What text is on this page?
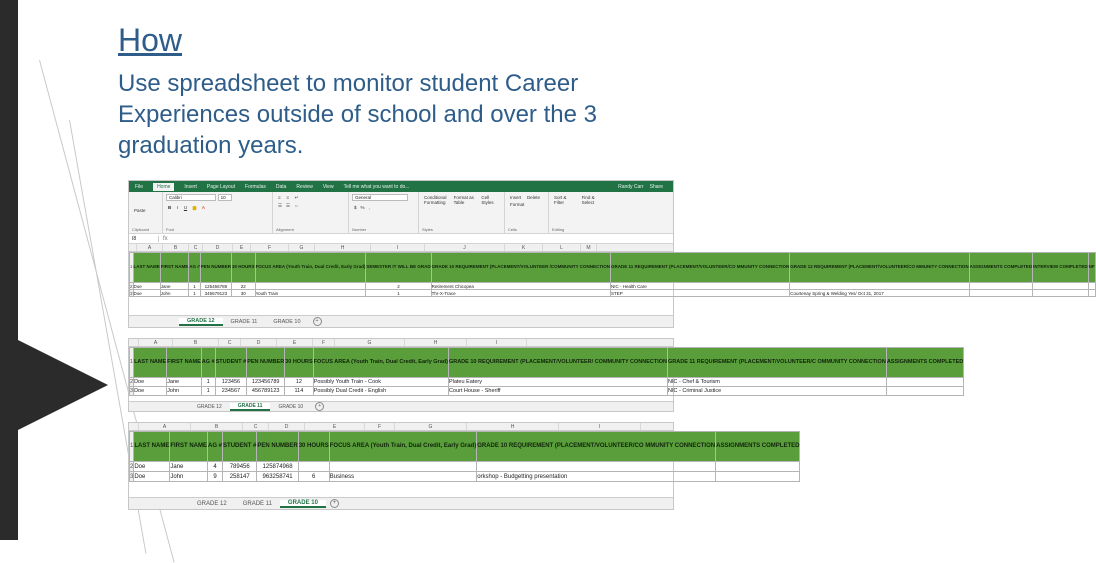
How
Use spreadsheet to monitor student Career Experiences outside of school and over the 3 graduation years.
File	Home	Insert Page Layout Formulas Data Review View Tell me what you want to do...	Randy Carr Share
Paste
Clipboard
Calibri	10
B I U ▆ A
Font
≡ ≡ ↵
☰ ☰ ⇔
Alignment
General
$ % ,
Number
Conditional Formatting Format as Table Cell Styles
Styles
Insert Delete Format
Cells
Sort & Filter Find & Select
Editing
I8	fx
A	B	C	D	E	F	G	H	I	J	K	L	M
1	LAST NAME	FIRST NAME	AG #	PEN NUMBER	30 HOURS	FOCUS AREA (Youth Train, Dual Credit, Early Grad)	SEMESTER IT WILL BE GRAD	GRADE 10 REQUIREMENT (PLACEMENT/VOLUNTEER /COMMUNITY CONNECTION	GRADE 11 REQUIREMENT (PLACEMENT/VOLUNTEER/CO MMUNITY CONNECTION	GRADE 12 REQUIREMENT (PLACEMENT/VOLUNTEER/CO MMUNITY CONNECTION	ASSIGNMENTS COMPLETED	INTERVIEW COMPLETED	NF
2	Doe	Jane	1	125456789	22		2	Retirement Chicopea	NIC - Health Care				
3	Doe	John	1	345679123	30	Youth Train	1	Thr-X-Trace	STEP	Courtenay Spring & Welding Yes/ Oct 31, 2017			
GRADE 12	GRADE 11	GRADE 10	+
A	B	C	D	E	F	G	H	I
1	LAST NAME	FIRST NAME	AG #	STUDENT #	PEN NUMBER	30 HOURS	FOCUS AREA (Youth Train, Dual Credit, Early Grad)	GRADE 10 REQUIREMENT (PLACEMENT/VOLUNTEER/ COMMUNITY CONNECTION	GRADE 11 REQUIREMENT (PLACEMENT/VOLUNTEER/C OMMUNITY CONNECTION	ASSIGNMENTS COMPLETED
2	Doe	Jane	1	123456	123456789	12	Possibly Youth Train - Cook	Plateu Eatery	NIC - Chef & Tourism	
3	Doe	John	1	234567	456789123	114	Possibly Dual Credit - English	Court House - Sheriff	NIC - Criminal Justice	
GRADE 12	GRADE 11	GRADE 10	+
A	B	C	D	E	F	G	H	I
1	LAST NAME	FIRST NAME	AG #	STUDENT #	PEN NUMBER	30 HOURS	FOCUS AREA (Youth Train, Dual Credit, Early Grad)	GRADE 10 REQUIREMENT (PLACEMENT/VOLUNTEER/CO MMUNITY CONNECTION	ASSIGNMENTS COMPLETED
2	Doe	Jane	4	789456	125874968				
3	Doe	John	9	258147	963258741	6	Business	orkshop - Budgetting presentation	
GRADE 12	GRADE 11	GRADE 10	+
